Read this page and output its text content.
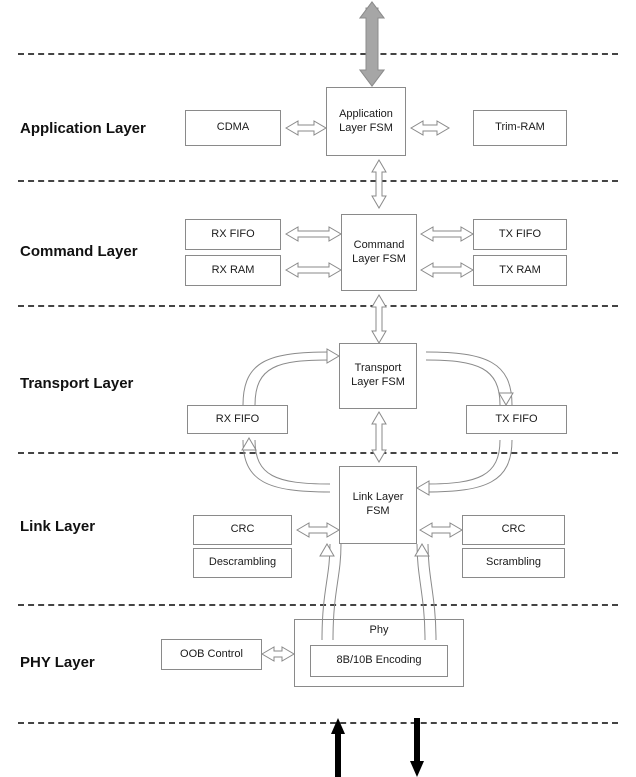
Application Layer
Command Layer
Transport Layer
Link Layer
PHY Layer
CDMA
Application
Layer FSM	Trim-RAM
RX FIFO
RX RAM
Command
Layer FSM
TX FIFO
TX RAM
Transport
Layer FSM
RX FIFO	TX FIFO
Link Layer
FSM
CRC
Descrambling
CRC
Scrambling
OOB Control
Phy
8B/10B Encoding
